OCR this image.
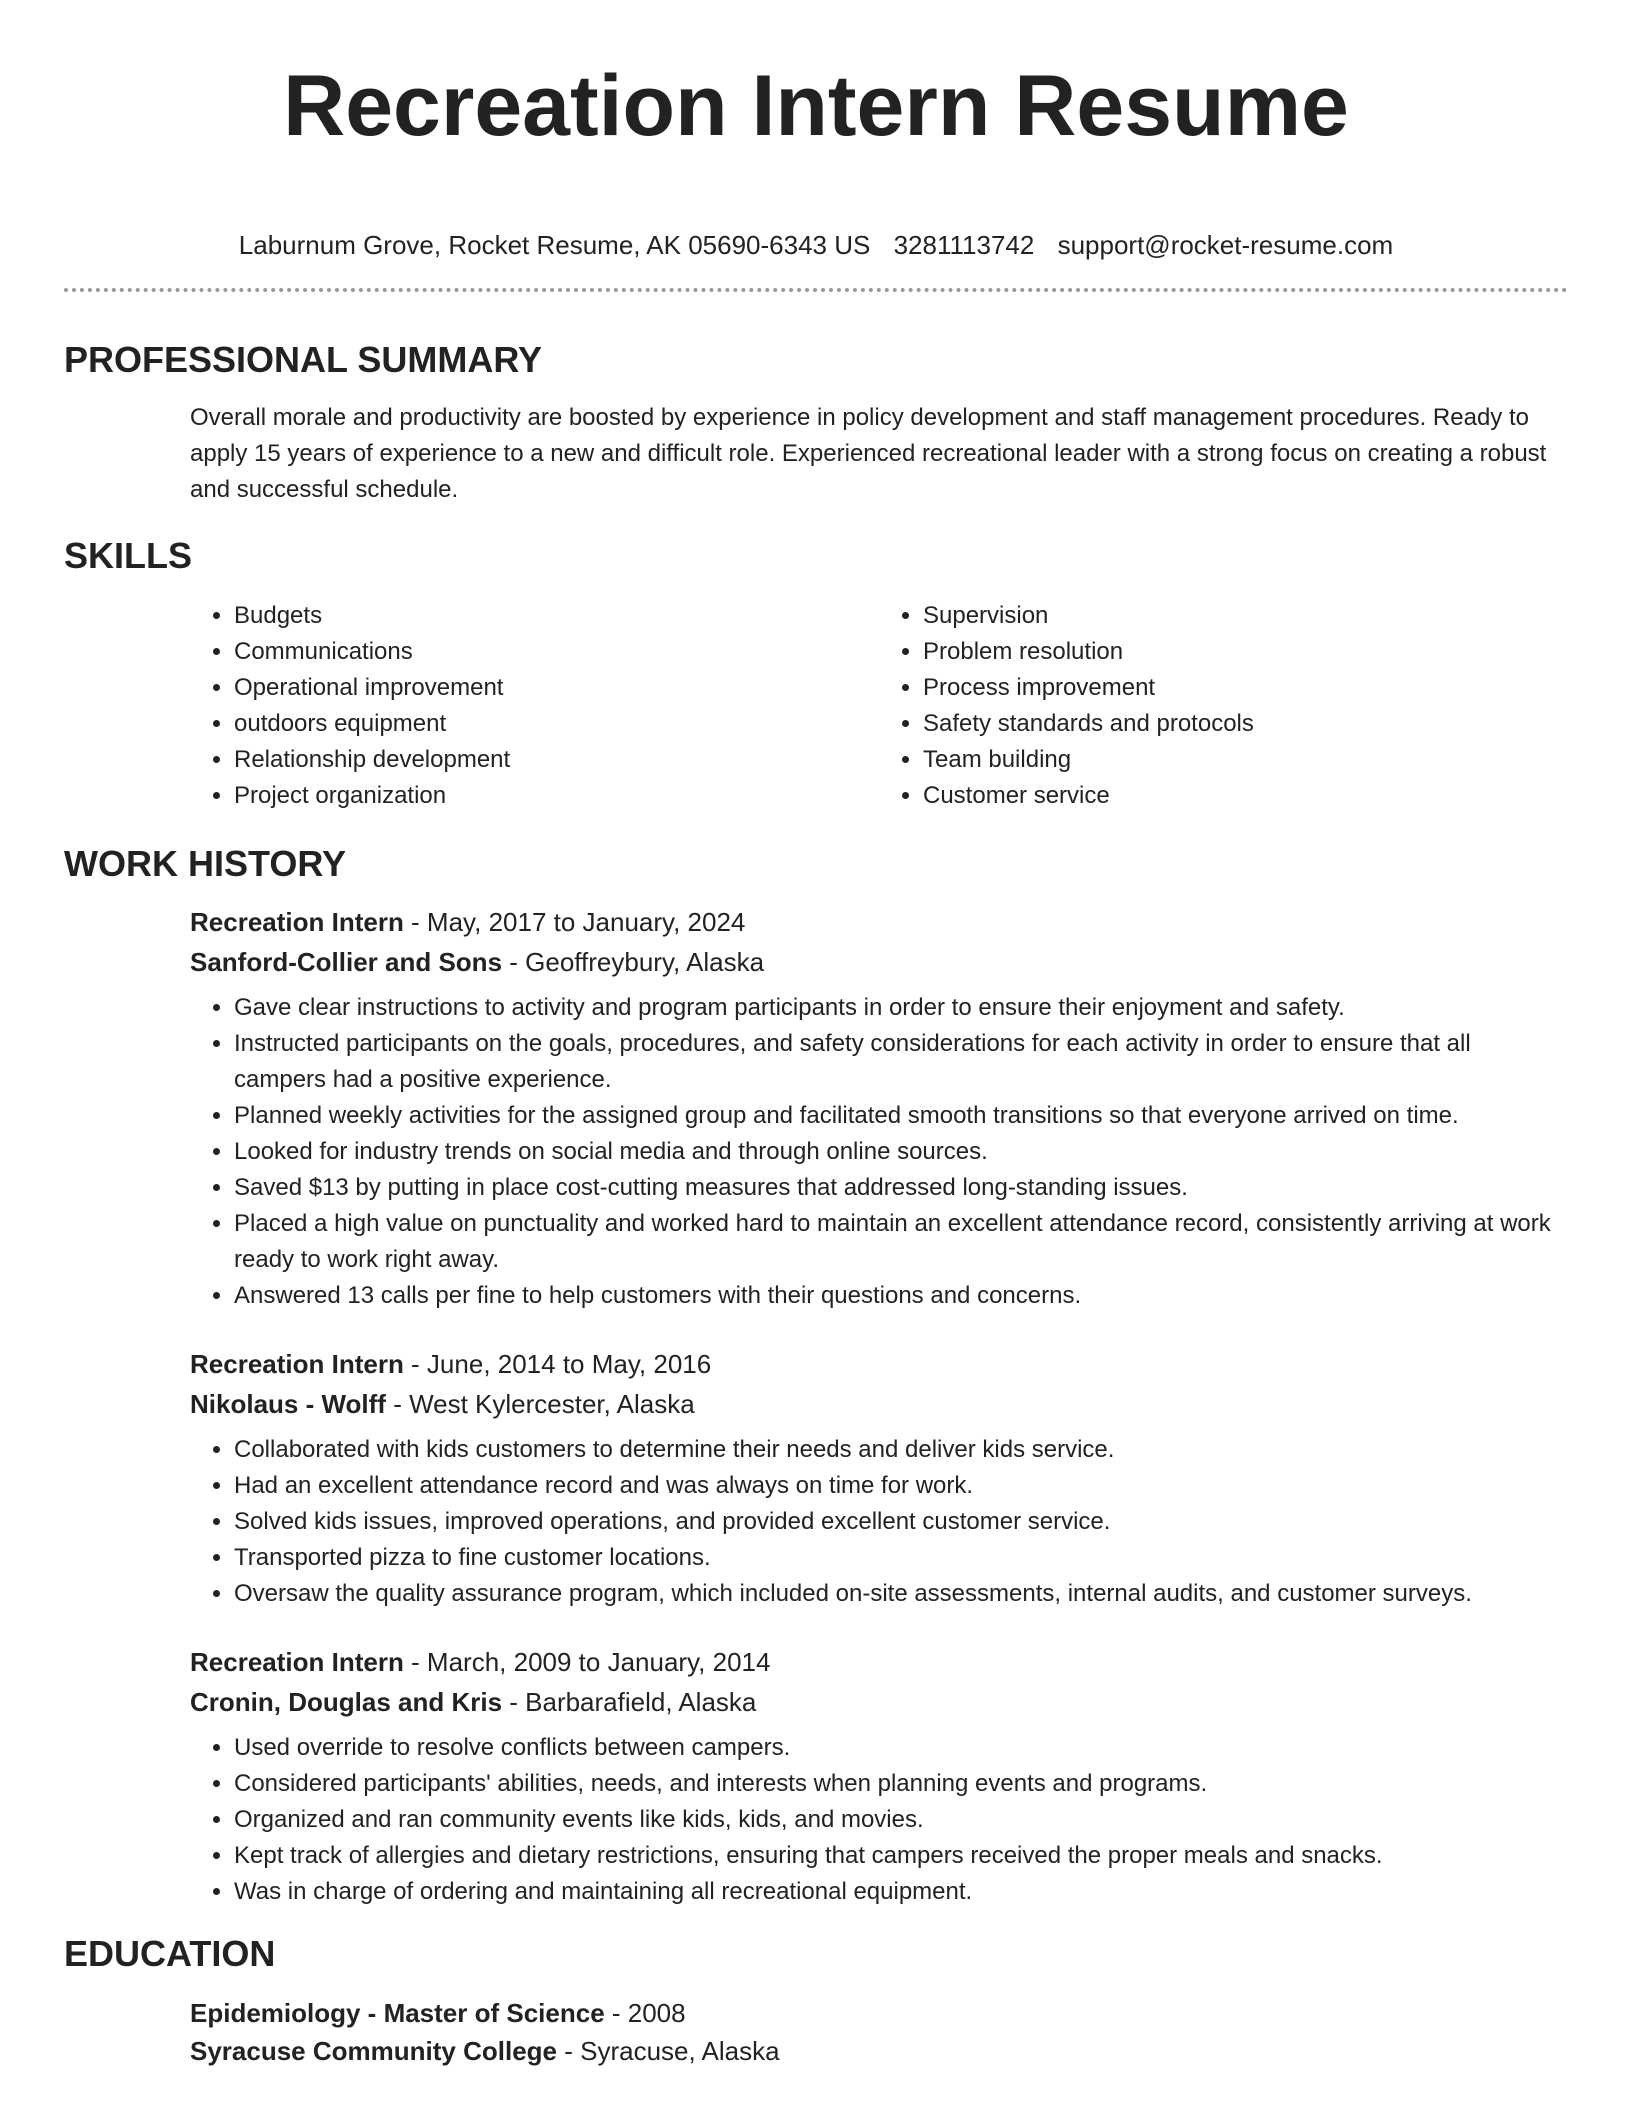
Recreation Intern Resume
Laburnum Grove, Rocket Resume, AK 05690-6343 US 3281113742 support@rocket-resume.com
PROFESSIONAL SUMMARY

Overall morale and productivity are boosted by experience in policy development and staff management procedures. Ready to apply 15 years of experience to a new and difficult role. Experienced recreational leader with a strong focus on creating a robust and successful schedule.

SKILLS
• Budgets
• Communications
• Operational improvement
• outdoors equipment
• Relationship development
• Project organization
• Supervision
• Problem resolution
• Process improvement
• Safety standards and protocols
• Team building
• Customer service
WORK HISTORY
Recreation Intern - May, 2017 to January, 2024
Sanford-Collier and Sons - Geoffreybury, Alaska
• Gave clear instructions to activity and program participants in order to ensure their enjoyment and safety.
• Instructed participants on the goals, procedures, and safety considerations for each activity in order to ensure that all campers had a positive experience.
• Planned weekly activities for the assigned group and facilitated smooth transitions so that everyone arrived on time.
• Looked for industry trends on social media and through online sources.
• Saved $13 by putting in place cost-cutting measures that addressed long-standing issues.
• Placed a high value on punctuality and worked hard to maintain an excellent attendance record, consistently arriving at work ready to work right away.
• Answered 13 calls per fine to help customers with their questions and concerns.
Recreation Intern - June, 2014 to May, 2016
Nikolaus - Wolff - West Kylercester, Alaska
• Collaborated with kids customers to determine their needs and deliver kids service.
• Had an excellent attendance record and was always on time for work.
• Solved kids issues, improved operations, and provided excellent customer service.
• Transported pizza to fine customer locations.
• Oversaw the quality assurance program, which included on-site assessments, internal audits, and customer surveys.
Recreation Intern - March, 2009 to January, 2014
Cronin, Douglas and Kris - Barbarafield, Alaska
• Used override to resolve conflicts between campers.
• Considered participants' abilities, needs, and interests when planning events and programs.
• Organized and ran community events like kids, kids, and movies.
• Kept track of allergies and dietary restrictions, ensuring that campers received the proper meals and snacks.
• Was in charge of ordering and maintaining all recreational equipment.
EDUCATION
Epidemiology - Master of Science - 2008
Syracuse Community College - Syracuse, Alaska
